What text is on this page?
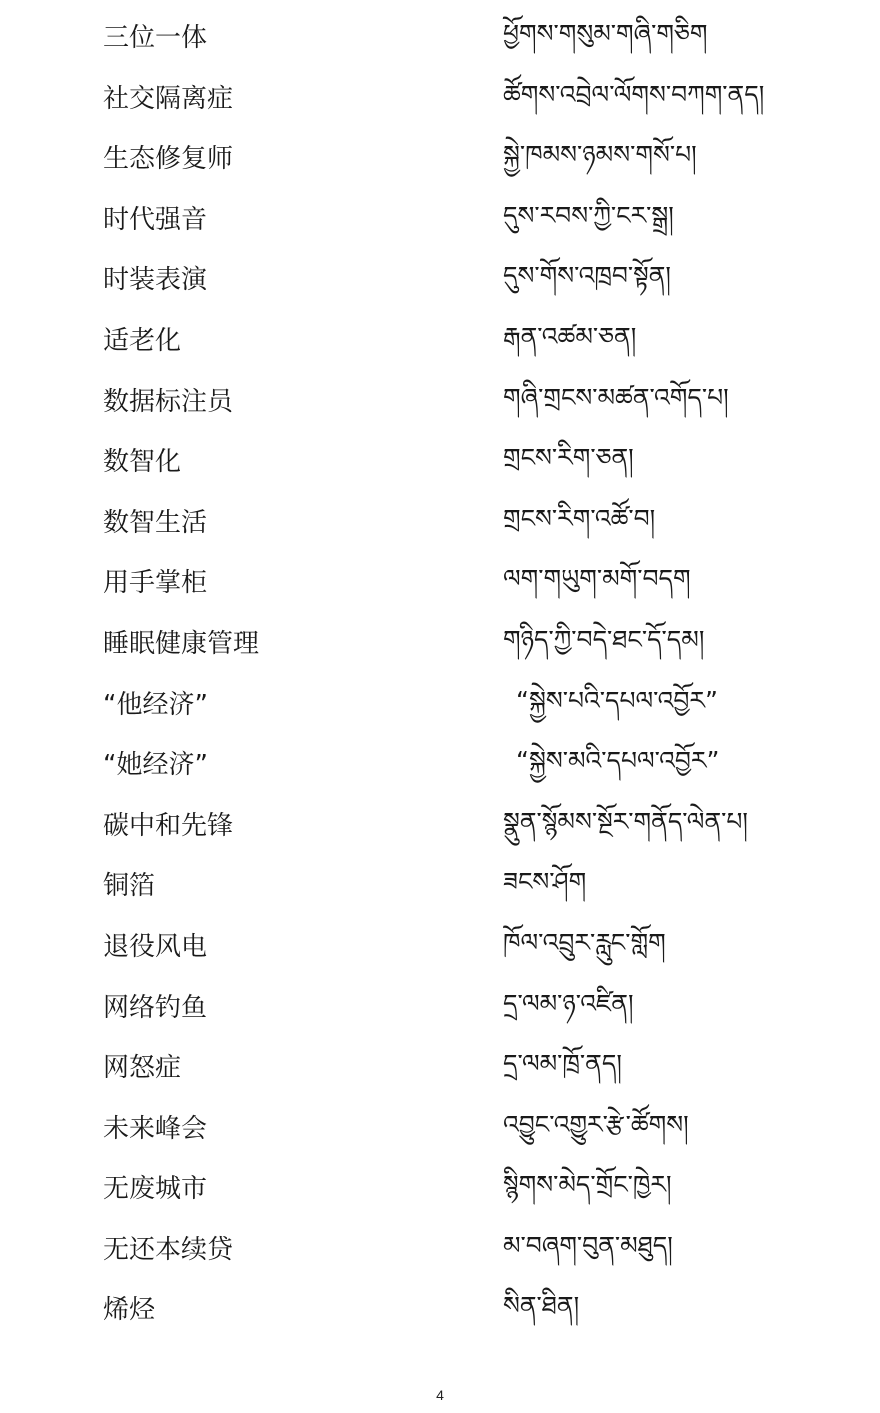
三位一体	ཕྱོགས་གསུམ་གཞི་གཅིག
社交隔离症	ཚོགས་འབྲེལ་ལོགས་བཀག་ནད།
生态修复师	སྐྱེ་ཁམས་ཉམས་གསོ་པ།
时代强音	དུས་རབས་ཀྱི་ངར་སྒྲ།
时装表演	དུས་གོས་འཁྲབ་སྟོན།
适老化	རྒན་འཚམ་ཅན།
数据标注员	གཞི་གྲངས་མཚན་འགོད་པ།
数智化	གྲངས་རིག་ཅན།
数智生活	གྲངས་རིག་འཚོ་བ།
用手掌柜	ལག་གཡུག་མགོ་བདག
睡眠健康管理	གཉིད་ཀྱི་བདེ་ཐང་དོ་དམ།
“他经济”	“སྐྱེས་པའི་དཔལ་འབྱོར”
“她经济”	“སྐྱེས་མའི་དཔལ་འབྱོར”
碳中和先锋	སྣུན་སྙོམས་སྔོར་གནོད་ལེན་པ།
铜箔	ཟངས་ཤོག
退役风电	ཁོལ་འབྲུར་རླུང་གློག
网络钓鱼	དྲ་ལམ་ཉ་འཛིན།
网怒症	དྲ་ལམ་ཁྲོ་ནད།
未来峰会	འབྱུང་འགྱུར་རྩེ་ཚོགས།
无废城市	སྙིགས་མེད་གྲོང་ཁྱེར།
无还本续贷	མ་བཞག་བུན་མཐུད།
烯烃	སིན་ཐིན།
4
